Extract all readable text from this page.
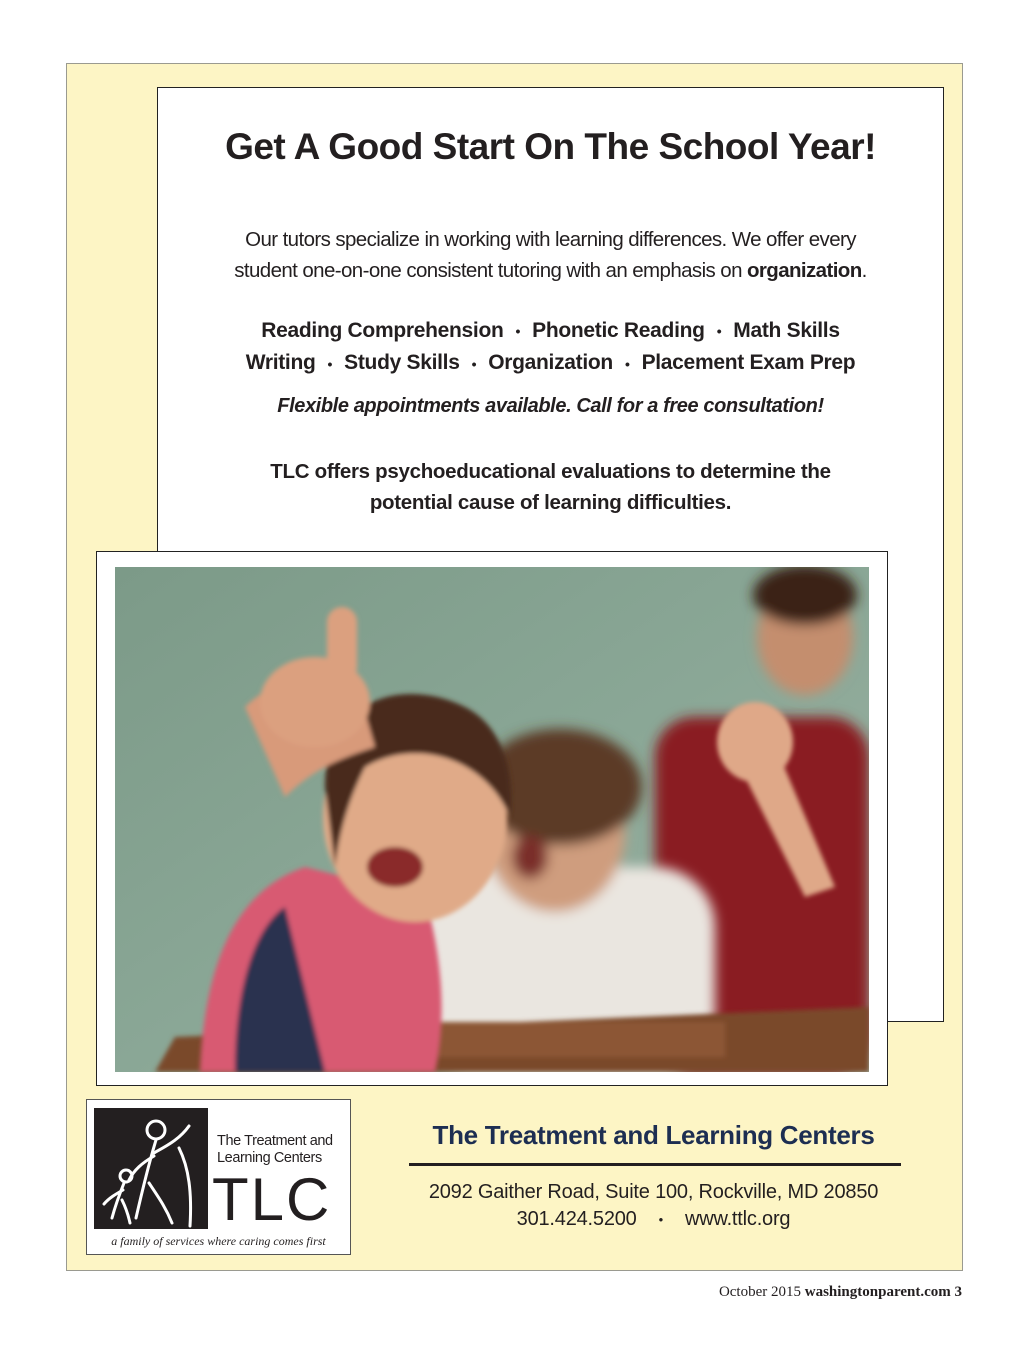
Get A Good Start On The School Year!

Our tutors specialize in working with learning differences. We offer every
student one-on-one consistent tutoring with an emphasis on organization.

Reading Comprehension • Phonetic Reading • Math Skills
Writing • Study Skills • Organization • Placement Exam Prep
Flexible appointments available. Call for a free consultation!
TLC offers psychoeducational evaluations to determine the
potential cause of learning difficulties.
The Treatment and
Learning Centers
TLC
a family of services where caring comes first
The Treatment and Learning Centers
2092 Gaither Road, Suite 100, Rockville, MD 20850
301.424.5200 • www.ttlc.org
October 2015 washingtonparent.com 3
